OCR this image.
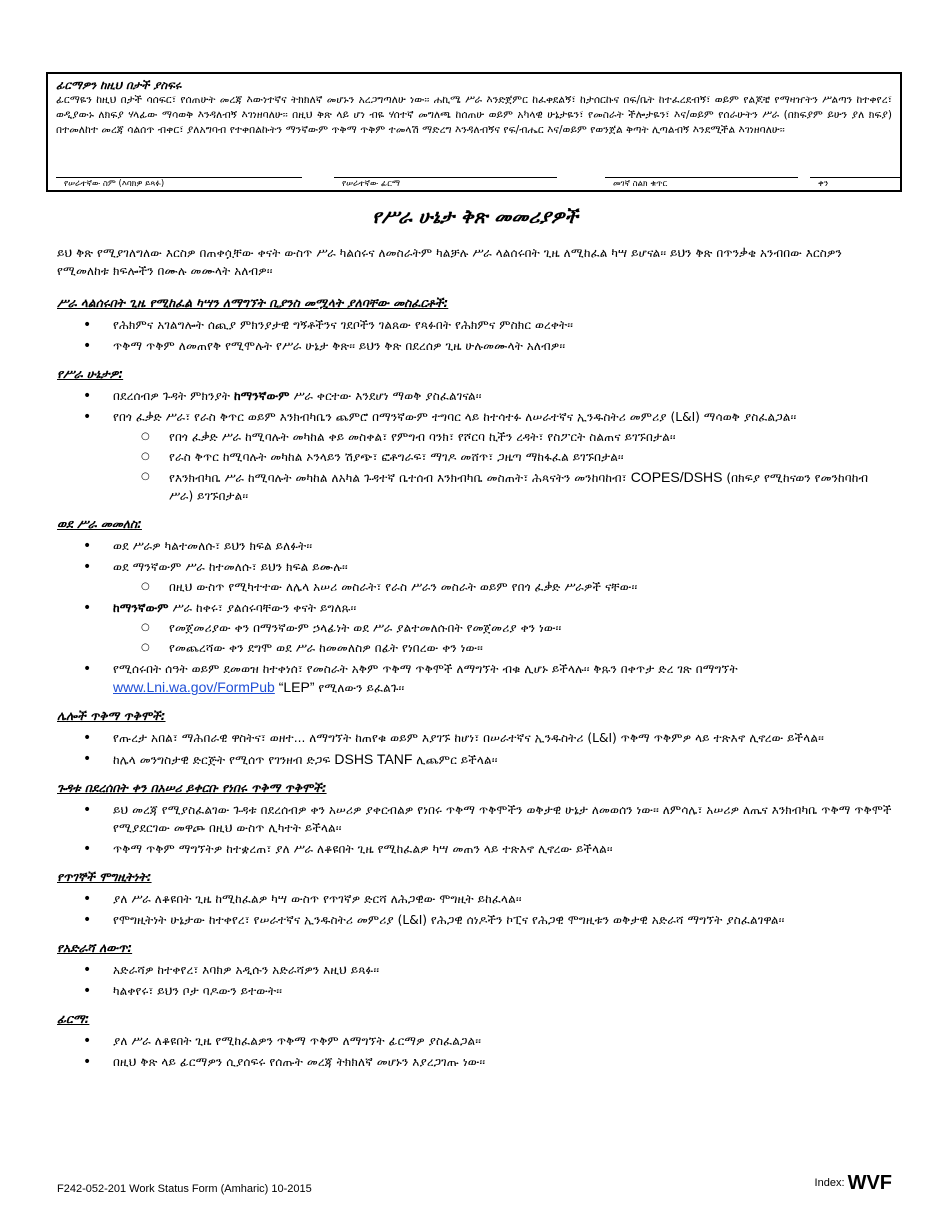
ፊርማዎን ከዚህ በታች ያስፍሩ
ፊርማዬን ከዚህ በታች ሳሰፍር፣ የሰጠሁት መረጃ እውነተኛና ትክክለኛ መሆኑን አረጋግጣለሁ ነው፡፡ ሐኪሜ ሥራ እንድጀምር ከፈቀደልኝ፣ ከታሰርኩና በፍ/ቤት ከተፈረደብኝ፣ ወይም የልጆቼ የማዛዠትን ሥልጣን ከተቀየረ፣ ወዲያውኑ ለክፍያ ሃላፊው ማሳወቅ እንዳለብኝ እገነዘባለሁ፡፡ በዚህ ቅጽ ላይ ሆነ ብዬ ሃሰተኛ መግለጫ ከሰጠሁ ወይም አካላዊ ሁኔታዬን፣ የመስራት ችሎታዬን፣ እና/ወይም የሰራሁትን ሥራ (በክፍያም ይሁን ያለ ክፍያ) በተመለከተ መረጃ ሳልሰጥ ብቀር፣ ያለአግባብ የተቀበልኩትን ማንኛውም ጥቅማ ጥቅም ተመላሽ ማድረግ እንዳለብኝና የፍ/ብሔር እና/ወይም የወንጀል ቅጣት ሊጣልብኝ እንደሚችል እገነዘባለሁ፡፡
የሠራተኛው ስም (እባክዎ ይጻፉ)	የሠራተኛው ፊርማ	መገኛ ስልክ ቁጥር	ቀን
የሥራ ሁኔታ ቅጽ መመሪያዎች

ይህ ቅጽ የሚያገለግለው እርስዎ በጠቀሷቸው ቀናት ውስጥ ሥራ ካልሰሩና ለመስራትም ካልቻሉ ሥራ ላልሰሩበት ጊዜ ለሚከፈል ካሣ ይሆናል፡፡ ይህን ቅጽ በጥንቃቄ አንብበው እርስዎን የሚመለከቱ ክፍሎችን በሙሉ መሙላት አለብዎ፡፡

ሥራ ላልሰሩበት ጊዜ የሚከፈል ካሣን ለማግኘት ቢያንስ መሟላት ያለባቸው መስፈርቶች:
• የሕክምና አገልግሎት ሰጪያ ምክንያታዊ ግኝቶችንና ገደቦችን ገልጸው የጻፉበት የሕክምና ምስክር ወረቀት፡፡
• ጥቅማ ጥቅም ለመጠየቅ የሚሞሉት የሥራ ሁኔታ ቅጽ፡፡ ይህን ቅጽ በደረሰዎ ጊዜ ሁሉመሙላት አለብዎ፡፡
የሥራ ሁኔታዎ:
• በደረሰብዎ ጉዳት ምክንያት ከማንኛውም ሥራ ቀርተው እንደሆነ ማወቅ ያስፈልገናል፡፡
• የበጎ ፈቃድ ሥራ፣ የራስ ቅጥር ወይም እንክብካቤን ጨምሮ በማንኛውም ተግባር ላይ ከተሳተፉ ለሠራተኛና ኢንዱስትሪ መምሪያ (L&I) ማሳወቅ ያስፈልጋል፡፡
○ የበጎ ፈቃድ ሥራ ከሚባሉት መካከል ቀይ መስቀል፣ የምግብ ባንክ፣ የሾርባ ኪችን ረዳት፣ የስፖርት ስልጠና ይገኙበታል፡፡
○ የራስ ቅጥር ከሚባሉት መካከል ኦንላይን ሽያጭ፣ ፎቶግራፍ፣ ማገዶ መሸጥ፣ ጋዜጣ ማከፋፈል ይገኙበታል፡፡
○ የእንክብካቤ ሥራ ከሚባሉት መካከል ለአካል ጉዳተኛ ቤተሰብ እንክብካቤ መስጠት፣ ሕጻናትን መንከባከብ፣ COPES/DSHS (በክፍያ የሚከናወን የመንከባከብ ሥራ) ይገኙበታል፡፡
ወደ ሥራ መመለስ:
• ወደ ሥራዎ ካልተመለሱ፣ ይህን ክፍል ይለፉት፡፡
• ወደ ማንኛውም ሥራ ከተመለሱ፣ ይህን ክፍል ይሙሉ፡፡
○ በዚህ ውስጥ የሚካተተው ለሌላ አሠሪ መስራት፣ የራስ ሥራን መስራት ወይም የበጎ ፈቃድ ሥራዎች ናቸው፡፡
• ከማንኛውም ሥራ ከቀሩ፣ ያልሰሩባቸውን ቀናት ይግለጹ፡፡
○ የመጀመሪያው ቀን በማንኛውም ኃላፊነት ወደ ሥራ ያልተመለሱበት የመጀመሪያ ቀን ነው፡፡
○ የመጨረሻው ቀን ደግሞ ወደ ሥራ ከመመለስዎ በፊት የነበረው ቀን ነው፡፡
• የሚሰሩበት ሰዓት ወይም ደመወዝ ከተቀነሰ፣ የመስራት አቅም ጥቅማ ጥቅሞች ለማግኘት ብቁ ሊሆኑ ይችላሉ፡፡ ቅጹን በቀጥታ ድረ ገጽ በማግኘት
www.Lni.wa.gov/FormPub “LEP” የሚለውን ይፈልጉ፡፡
ሌሎች ጥቅማ ጥቅሞች:
• የጡረታ አበል፣ ማሕበራዊ ዋስትና፣ ወዘተ... ለማግኘት ከጠየቁ ወይም እያገኙ ከሆነ፣ በሠራተኛና ኢንዱስትሪ (L&I) ጥቅማ ጥቅምዎ ላይ ተጽእኖ ሊኖረው ይችላል፡፡
• ከሌላ መንግስታዊ ድርጅት የሚሰጥ የገንዘብ ድጋፍ DSHS TANF ሊጨምር ይችላል፡፡
ጉዳቱ በደረሰበት ቀን በአሠሪ ይቀርቡ የነበሩ ጥቅማ ጥቅሞች:
• ይህ መረጃ የሚያስፈልገው ጉዳቱ በደረሰብዎ ቀን አሠሪዎ ያቀርብልዎ የነበሩ ጥቅማ ጥቅሞችን ወቅታዊ ሁኔታ ለመወሰን ነው፡፡ ለምሳሌ፣ አሠሪዎ ለጤና እንክብካቤ ጥቅማ ጥቅሞች የሚያደርገው መዋጮ በዚህ ውስጥ ሊካተት ይችላል፡፡
• ጥቅማ ጥቅም ማግኘትዎ ከተቋረጠ፣ ያለ ሥራ ለቆዩበት ጊዜ የሚከፈልዎ ካሣ መጠን ላይ ተጽእኖ ሊኖረው ይችላል፡፡
የጥገኞች ሞግዚትነት:
• ያለ ሥራ ለቆዩበት ጊዜ ከሚከፈልዎ ካሣ ውስጥ የጥገኛዎ ድርሻ ለሕጋዊው ሞግዚት ይከፈላል፡፡
• የሞግዚትነት ሁኔታው ከተቀየረ፣ የሠራተኛና ኢንዱስትሪ መምሪያ (L&I) የሕጋዊ ሰነዶችን ኮፒና የሕጋዊ ሞግዚቱን ወቅታዊ አድራሻ ማግኘት ያስፈልገዋል፡፡
የአድራሻ ለውጥ:
• አድራሻዎ ከተቀየረ፣ እባክዎ አዲሱን አድራሻዎን እዚህ ይጻፉ፡፡
• ካልቀየሩ፣ ይህን ቦታ ባዶውን ይተውት፡፡
ፊርማ:
• ያለ ሥራ ለቆዩበት ጊዜ የሚከፈልዎን ጥቅማ ጥቅም ለማግኘት ፊርማዎ ያስፈልጋል፡፡
• በዚህ ቅጽ ላይ ፊርማዎን ሲያሰፍሩ የሰጡት መረጃ ትክክለኛ መሆኑን እያረጋገጡ ነው፡፡
F242-052-201 Work Status Form (Amharic) 10-2015	Index: WVF
